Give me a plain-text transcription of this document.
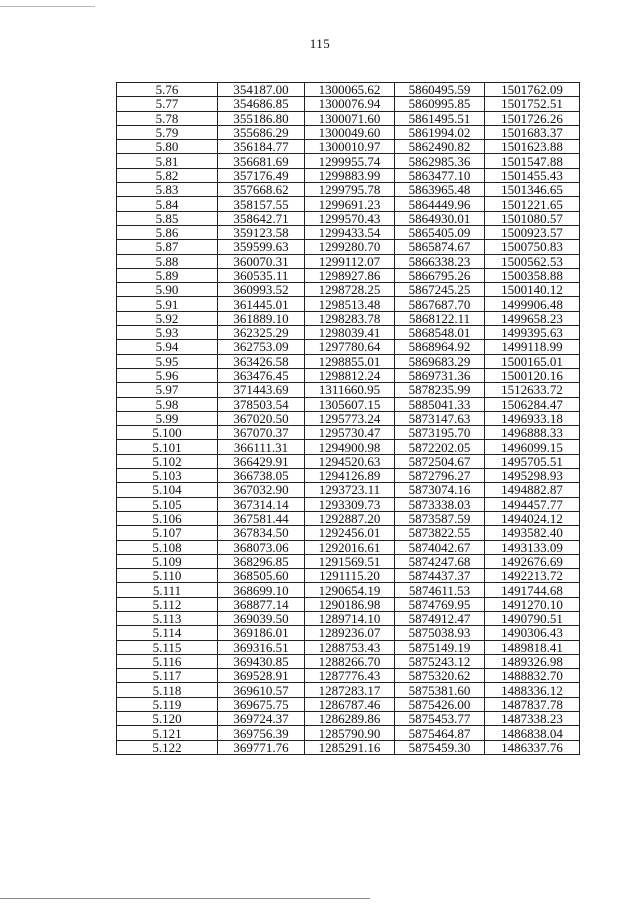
115
5.76	354187.00	1300065.62	5860495.59	1501762.09
5.77	354686.85	1300076.94	5860995.85	1501752.51
5.78	355186.80	1300071.60	5861495.51	1501726.26
5.79	355686.29	1300049.60	5861994.02	1501683.37
5.80	356184.77	1300010.97	5862490.82	1501623.88
5.81	356681.69	1299955.74	5862985.36	1501547.88
5.82	357176.49	1299883.99	5863477.10	1501455.43
5.83	357668.62	1299795.78	5863965.48	1501346.65
5.84	358157.55	1299691.23	5864449.96	1501221.65
5.85	358642.71	1299570.43	5864930.01	1501080.57
5.86	359123.58	1299433.54	5865405.09	1500923.57
5.87	359599.63	1299280.70	5865874.67	1500750.83
5.88	360070.31	1299112.07	5866338.23	1500562.53
5.89	360535.11	1298927.86	5866795.26	1500358.88
5.90	360993.52	1298728.25	5867245.25	1500140.12
5.91	361445.01	1298513.48	5867687.70	1499906.48
5.92	361889.10	1298283.78	5868122.11	1499658.23
5.93	362325.29	1298039.41	5868548.01	1499395.63
5.94	362753.09	1297780.64	5868964.92	1499118.99
5.95	363426.58	1298855.01	5869683.29	1500165.01
5.96	363476.45	1298812.24	5869731.36	1500120.16
5.97	371443.69	1311660.95	5878235.99	1512633.72
5.98	378503.54	1305607.15	5885041.33	1506284.47
5.99	367020.50	1295773.24	5873147.63	1496933.18
5.100	367070.37	1295730.47	5873195.70	1496888.33
5.101	366111.31	1294900.98	5872202.05	1496099.15
5.102	366429.91	1294520.63	5872504.67	1495705.51
5.103	366738.05	1294126.89	5872796.27	1495298.93
5.104	367032.90	1293723.11	5873074.16	1494882.87
5.105	367314.14	1293309.73	5873338.03	1494457.77
5.106	367581.44	1292887.20	5873587.59	1494024.12
5.107	367834.50	1292456.01	5873822.55	1493582.40
5.108	368073.06	1292016.61	5874042.67	1493133.09
5.109	368296.85	1291569.51	5874247.68	1492676.69
5.110	368505.60	1291115.20	5874437.37	1492213.72
5.111	368699.10	1290654.19	5874611.53	1491744.68
5.112	368877.14	1290186.98	5874769.95	1491270.10
5.113	369039.50	1289714.10	5874912.47	1490790.51
5.114	369186.01	1289236.07	5875038.93	1490306.43
5.115	369316.51	1288753.43	5875149.19	1489818.41
5.116	369430.85	1288266.70	5875243.12	1489326.98
5.117	369528.91	1287776.43	5875320.62	1488832.70
5.118	369610.57	1287283.17	5875381.60	1488336.12
5.119	369675.75	1286787.46	5875426.00	1487837.78
5.120	369724.37	1286289.86	5875453.77	1487338.23
5.121	369756.39	1285790.90	5875464.87	1486838.04
5.122	369771.76	1285291.16	5875459.30	1486337.76
